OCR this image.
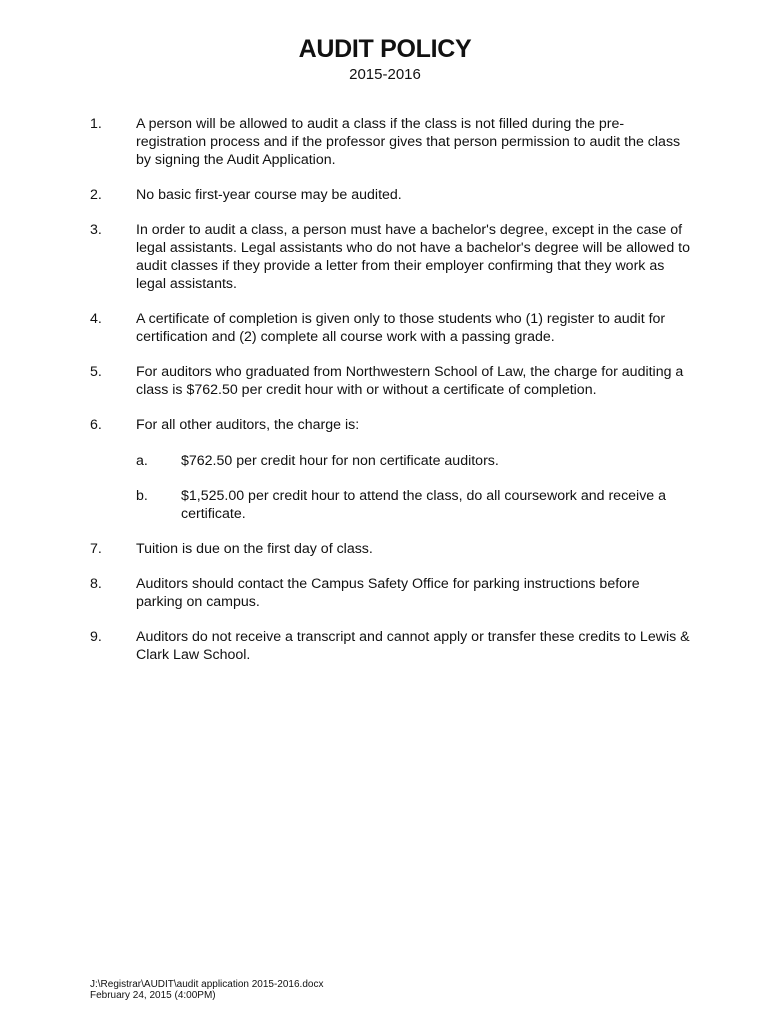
AUDIT POLICY
2015-2016
1.	A person will be allowed to audit a class if the class is not filled during the pre-registration process and if the professor gives that person permission to audit the class by signing the Audit Application.
2.	No basic first-year course may be audited.
3.	In order to audit a class, a person must have a bachelor's degree, except in the case of legal assistants. Legal assistants who do not have a bachelor's degree will be allowed to audit classes if they provide a letter from their employer confirming that they work as legal assistants.
4.	A certificate of completion is given only to those students who (1) register to audit for certification and (2) complete all course work with a passing grade.
5.	For auditors who graduated from Northwestern School of Law, the charge for auditing a class is $762.50 per credit hour with or without a certificate of completion.
6.	For all other auditors, the charge is:
a. $762.50 per credit hour for non certificate auditors.
b. $1,525.00 per credit hour to attend the class, do all coursework and receive a certificate.
7.	Tuition is due on the first day of class.
8.	Auditors should contact the Campus Safety Office for parking instructions before parking on campus.
9.	Auditors do not receive a transcript and cannot apply or transfer these credits to Lewis & Clark Law School.
J:\Registrar\AUDIT\audit application 2015-2016.docx
February 24, 2015 (4:00PM)
